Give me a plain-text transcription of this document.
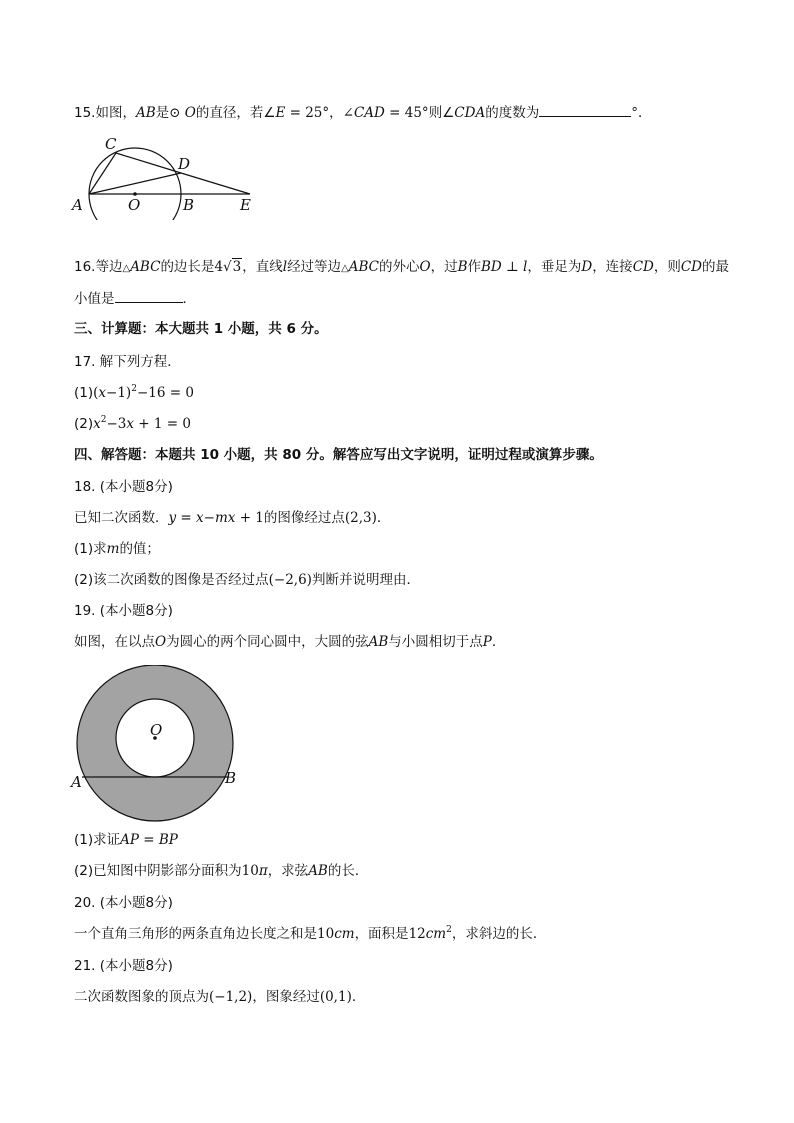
15.如图，AB是⊙ O的直径，若∠E = 25°，∠CAD = 45°则∠CDA的度数为	°．
A	O	B	E
C
D
16.等边△ABC的边长是4√3，直线l经过等边△ABC的外心O，过B作BD ⊥ l，垂足为D，连接CD，则CD的最
小值是	．
三、计算题：本大题共 1 小题，共 6 分。
17. 解下列方程．
$(1)(x-1)^2-16 = 0$
$(2)x^2-3x + 1 = 0$
四、解答题：本题共 10 小题，共 80 分。解答应写出文字说明，证明过程或演算步骤。
18. (本小题8分)
已知二次函数．y = x−mx + 1的图像经过点(2,3)．
(1)求m的值；
(2)该二次函数的图像是否经过点(−2,6)判断并说明理由．
19. (本小题8分)
如图，在以点O为圆心的两个同心圆中，大圆的弦AB与小圆相切于点P．
O
A	B
(1)求证AP = BP
(2)已知图中阴影部分面积为10π，求弦AB的长．
20. (本小题8分)
一个直角三角形的两条直角边长度之和是10cm，面积是$12cm^2$，求斜边的长．
21. (本小题8分)
二次函数图象的顶点为(−1,2)，图象经过(0,1)．
